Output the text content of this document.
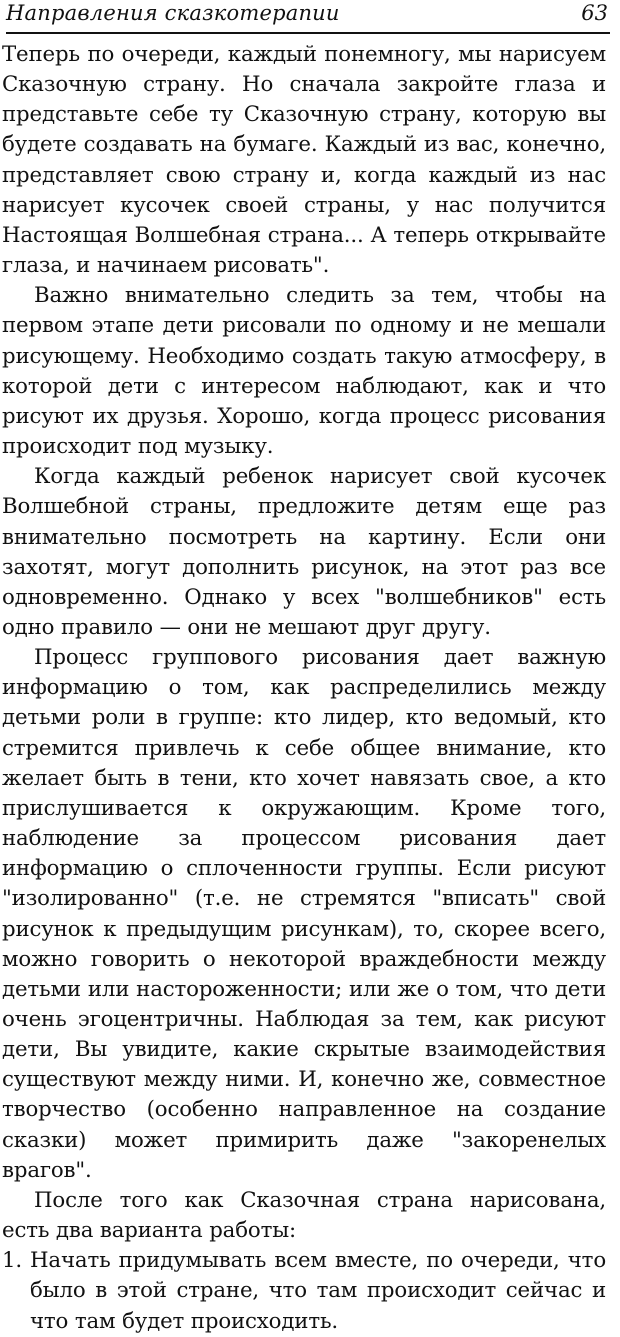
Направления сказкотерапии	63

Теперь по очереди, каждый понемногу, мы нарисуем Сказочную страну. Но сначала закройте глаза и представьте себе ту Сказочную страну, которую вы будете создавать на бумаге. Каждый из вас, конечно, представляет свою страну и, когда каждый из нас нарисует кусочек своей страны, у нас получится Настоящая Волшебная страна... А теперь открывайте глаза, и начинаем рисовать".

Важно внимательно следить за тем, чтобы на первом этапе дети рисовали по одному и не мешали рисующему. Необходимо создать такую атмосферу, в которой дети с интересом наблюдают, как и что рисуют их друзья. Хорошо, когда процесс рисования происходит под музыку.

Когда каждый ребенок нарисует свой кусочек Волшебной страны, предложите детям еще раз внимательно посмотреть на картину. Если они захотят, могут дополнить рисунок, на этот раз все одновременно. Однако у всех "волшебников" есть одно правило — они не мешают друг другу.

Процесс группового рисования дает важную информацию о том, как распределились между детьми роли в группе: кто лидер, кто ведомый, кто стремится привлечь к себе общее внимание, кто желает быть в тени, кто хочет навязать свое, а кто прислушивается к окружающим. Кроме того, наблюдение за процессом рисования дает информацию о сплоченности группы. Если рисуют "изолированно" (т.е. не стремятся "вписать" свой рисунок к предыдущим рисункам), то, скорее всего, можно говорить о некоторой враждебности между детьми или настороженности; или же о том, что дети очень эгоцентричны. Наблюдая за тем, как рисуют дети, Вы увидите, какие скрытые взаимодействия существуют между ними. И, конечно же, совместное творчество (особенно направленное на создание сказки) может примирить даже "закоренелых врагов".

После того как Сказочная страна нарисована, есть два варианта работы:

1. Начать придумывать всем вместе, по очереди, что было в этой стране, что там происходит сейчас и что там будет происходить.
